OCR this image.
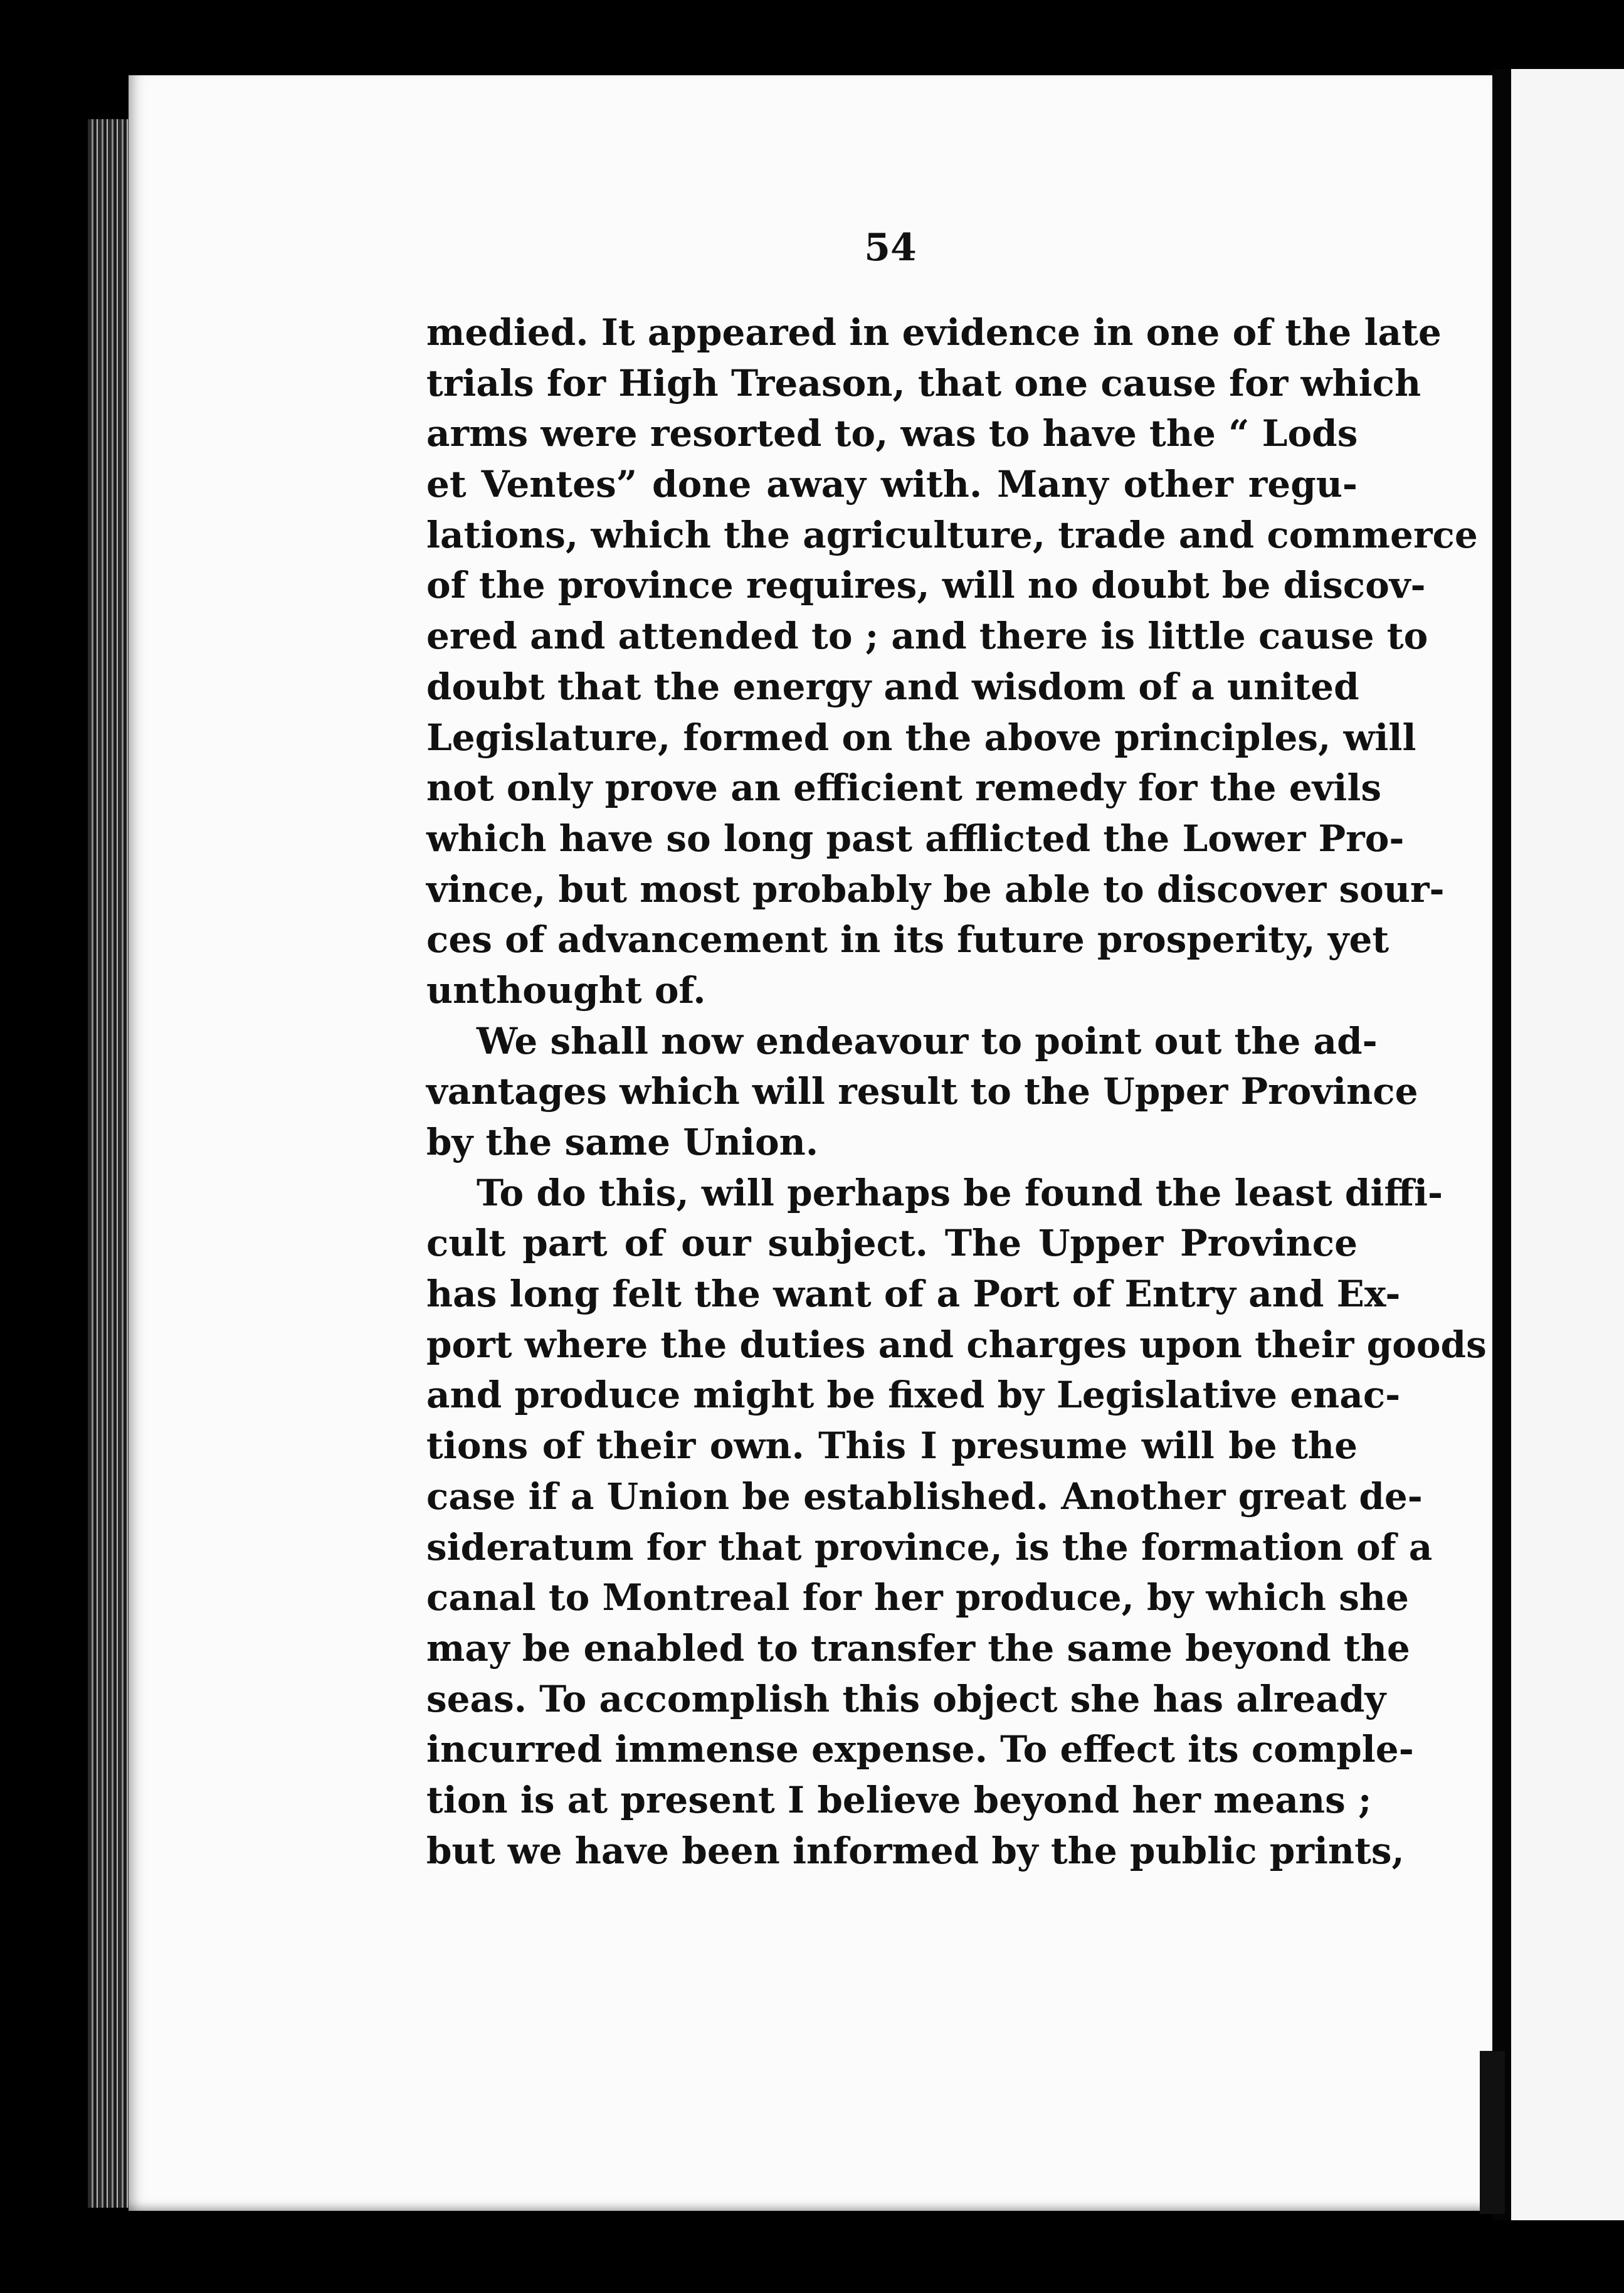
54
medied. It appeared in evidence in one of the late
trials for High Treason, that one cause for which
arms were resorted to, was to have the “ Lods
et Ventes” done away with. Many other regu-
lations, which the agriculture, trade and commerce
of the province requires, will no doubt be discov-
ered and attended to ; and there is little cause to
doubt that the energy and wisdom of a united
Legislature, formed on the above principles, will
not only prove an efficient remedy for the evils
which have so long past afflicted the Lower Pro-
vince, but most probably be able to discover sour-
ces of advancement in its future prosperity, yet
unthought of.
We shall now endeavour to point out the ad-
vantages which will result to the Upper Province
by the same Union.
To do this, will perhaps be found the least diffi-
cult part of our subject. The Upper Province
has long felt the want of a Port of Entry and Ex-
port where the duties and charges upon their goods
and produce might be fixed by Legislative enac-
tions of their own. This I presume will be the
case if a Union be established. Another great de-
sideratum for that province, is the formation of a
canal to Montreal for her produce, by which she
may be enabled to transfer the same beyond the
seas. To accomplish this object she has already
incurred immense expense. To effect its comple-
tion is at present I believe beyond her means ;
but we have been informed by the public prints,
